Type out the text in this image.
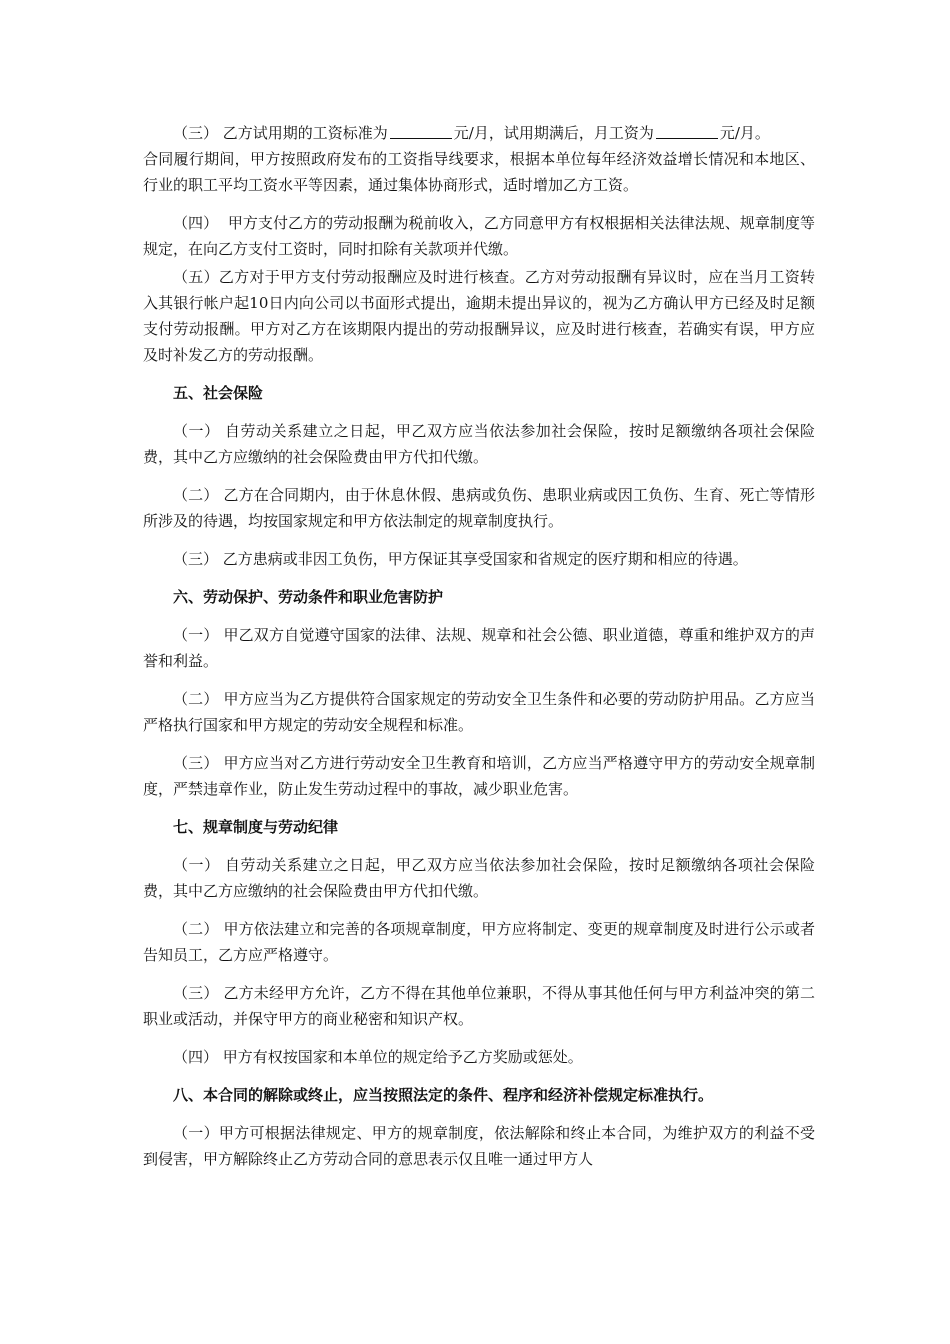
（三） 乙方试用期的工资标准为	元/月，试用期满后，月工资为	元/月。

合同履行期间，甲方按照政府发布的工资指导线要求，根据本单位每年经济效益增长情况和本地区、行业的职工平均工资水平等因素，通过集体协商形式，适时增加乙方工资。

（四）  甲方支付乙方的劳动报酬为税前收入，乙方同意甲方有权根据相关法律法规、规章制度等规定，在向乙方支付工资时，同时扣除有关款项并代缴。

（五）乙方对于甲方支付劳动报酬应及时进行核查。乙方对劳动报酬有异议时，应在当月工资转入其银行帐户起10日内向公司以书面形式提出，逾期未提出异议的，视为乙方确认甲方已经及时足额支付劳动报酬。甲方对乙方在该期限内提出的劳动报酬异议，应及时进行核查，若确实有误，甲方应及时补发乙方的劳动报酬。

五、社会保险

（一） 自劳动关系建立之日起，甲乙双方应当依法参加社会保险，按时足额缴纳各项社会保险费，其中乙方应缴纳的社会保险费由甲方代扣代缴。

（二） 乙方在合同期内，由于休息休假、患病或负伤、患职业病或因工负伤、生育、死亡等情形所涉及的待遇，均按国家规定和甲方依法制定的规章制度执行。

（三） 乙方患病或非因工负伤，甲方保证其享受国家和省规定的医疗期和相应的待遇。

六、劳动保护、劳动条件和职业危害防护

（一） 甲乙双方自觉遵守国家的法律、法规、规章和社会公德、职业道德，尊重和维护双方的声誉和利益。

（二） 甲方应当为乙方提供符合国家规定的劳动安全卫生条件和必要的劳动防护用品。乙方应当严格执行国家和甲方规定的劳动安全规程和标准。

（三） 甲方应当对乙方进行劳动安全卫生教育和培训，乙方应当严格遵守甲方的劳动安全规章制度，严禁违章作业，防止发生劳动过程中的事故，减少职业危害。

七、规章制度与劳动纪律

（一） 自劳动关系建立之日起，甲乙双方应当依法参加社会保险，按时足额缴纳各项社会保险费，其中乙方应缴纳的社会保险费由甲方代扣代缴。

（二） 甲方依法建立和完善的各项规章制度，甲方应将制定、变更的规章制度及时进行公示或者告知员工，乙方应严格遵守。

（三） 乙方未经甲方允许，乙方不得在其他单位兼职，不得从事其他任何与甲方利益冲突的第二职业或活动，并保守甲方的商业秘密和知识产权。

（四） 甲方有权按国家和本单位的规定给予乙方奖励或惩处。

八、本合同的解除或终止，应当按照法定的条件、程序和经济补偿规定标准执行。

（一）甲方可根据法律规定、甲方的规章制度，依法解除和终止本合同，为维护双方的利益不受到侵害，甲方解除终止乙方劳动合同的意思表示仅且唯一通过甲方人
